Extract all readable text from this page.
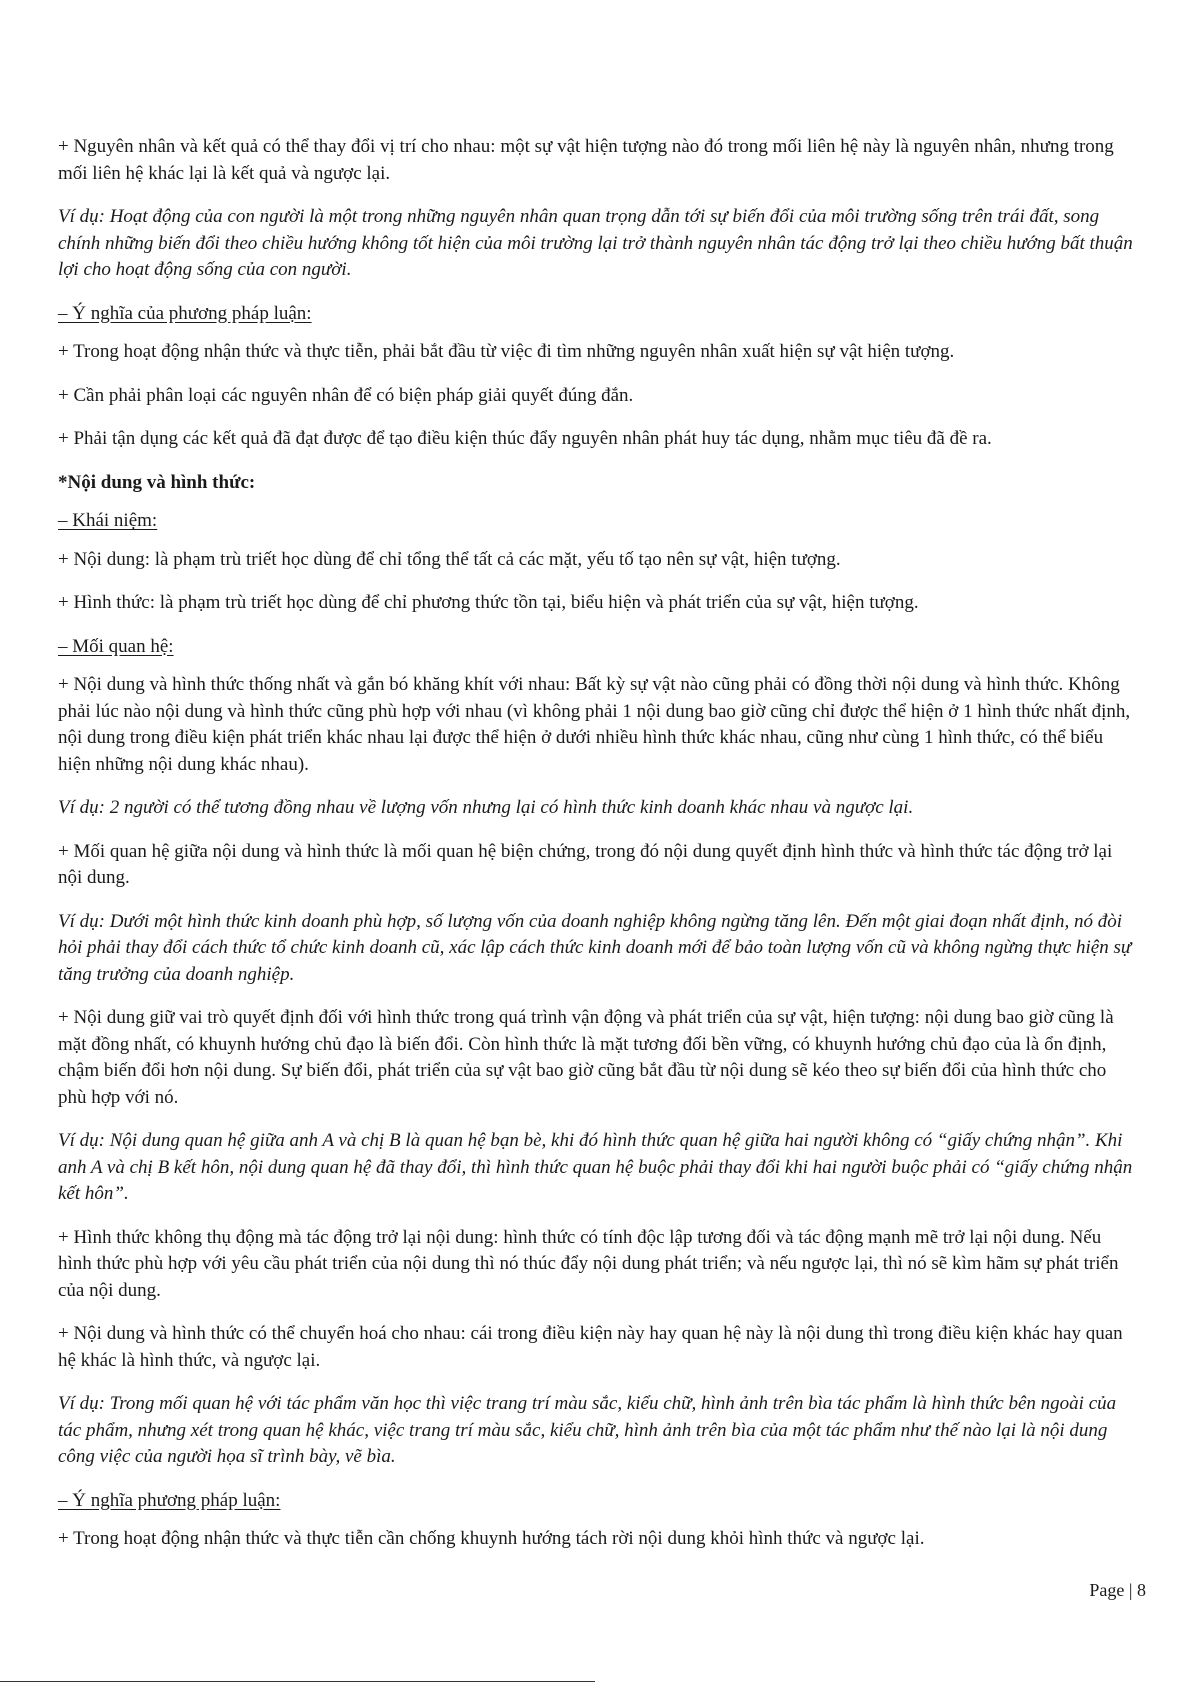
+ Nguyên nhân và kết quả có thể thay đổi vị trí cho nhau: một sự vật hiện tượng nào đó trong mối liên hệ này là nguyên nhân, nhưng trong mối liên hệ khác lại là kết quả và ngược lại.

Ví dụ: Hoạt động của con người là một trong những nguyên nhân quan trọng dẫn tới sự biến đổi của môi trường sống trên trái đất, song chính những biến đổi theo chiều hướng không tốt hiện của môi trường lại trở thành nguyên nhân tác động trở lại theo chiều hướng bất thuận lợi cho hoạt động sống của con người.

– Ý nghĩa của phương pháp luận:

+ Trong hoạt động nhận thức và thực tiễn, phải bắt đầu từ việc đi tìm những nguyên nhân xuất hiện sự vật hiện tượng.

+ Cần phải phân loại các nguyên nhân để có biện pháp giải quyết đúng đắn.

+ Phải tận dụng các kết quả đã đạt được để tạo điều kiện thúc đẩy nguyên nhân phát huy tác dụng, nhằm mục tiêu đã đề ra.

*Nội dung và hình thức:

– Khái niệm:

+ Nội dung: là phạm trù triết học dùng để chỉ tổng thể tất cả các mặt, yếu tố tạo nên sự vật, hiện tượng.

+ Hình thức: là phạm trù triết học dùng để chỉ phương thức tồn tại, biểu hiện và phát triển của sự vật, hiện tượng.

– Mối quan hệ:

+ Nội dung và hình thức thống nhất và gắn bó khăng khít với nhau: Bất kỳ sự vật nào cũng phải có đồng thời nội dung và hình thức. Không phải lúc nào nội dung và hình thức cũng phù hợp với nhau (vì không phải 1 nội dung bao giờ cũng chỉ được thể hiện ở 1 hình thức nhất định, nội dung trong điều kiện phát triển khác nhau lại được thể hiện ở dưới nhiều hình thức khác nhau, cũng như cùng 1 hình thức, có thể biểu hiện những nội dung khác nhau).

Ví dụ: 2 người có thể tương đồng nhau về lượng vốn nhưng lại có hình thức kinh doanh khác nhau và ngược lại.

+ Mối quan hệ giữa nội dung và hình thức là mối quan hệ biện chứng, trong đó nội dung quyết định hình thức và hình thức tác động trở lại nội dung.

Ví dụ: Dưới một hình thức kinh doanh phù hợp, số lượng vốn của doanh nghiệp không ngừng tăng lên. Đến một giai đoạn nhất định, nó đòi hỏi phải thay đổi cách thức tổ chức kinh doanh cũ, xác lập cách thức kinh doanh mới để bảo toàn lượng vốn cũ và không ngừng thực hiện sự tăng trưởng của doanh nghiệp.

+ Nội dung giữ vai trò quyết định đối với hình thức trong quá trình vận động và phát triển của sự vật, hiện tượng: nội dung bao giờ cũng là mặt đồng nhất, có khuynh hướng chủ đạo là biến đổi. Còn hình thức là mặt tương đối bền vững, có khuynh hướng chủ đạo của là ổn định, chậm biến đổi hơn nội dung. Sự biến đổi, phát triển của sự vật bao giờ cũng bắt đầu từ nội dung sẽ kéo theo sự biến đổi của hình thức cho phù hợp với nó.

Ví dụ: Nội dung quan hệ giữa anh A và chị B là quan hệ bạn bè, khi đó hình thức quan hệ giữa hai người không có “giấy chứng nhận”. Khi anh A và chị B kết hôn, nội dung quan hệ đã thay đổi, thì hình thức quan hệ buộc phải thay đổi khi hai người buộc phải có “giấy chứng nhận kết hôn”.

+ Hình thức không thụ động mà tác động trở lại nội dung: hình thức có tính độc lập tương đối và tác động mạnh mẽ trở lại nội dung. Nếu hình thức phù hợp với yêu cầu phát triển của nội dung thì nó thúc đẩy nội dung phát triển; và nếu ngược lại, thì nó sẽ kìm hãm sự phát triển của nội dung.

+ Nội dung và hình thức có thể chuyển hoá cho nhau: cái trong điều kiện này hay quan hệ này là nội dung thì trong điều kiện khác hay quan hệ khác là hình thức, và ngược lại.

Ví dụ: Trong mối quan hệ với tác phẩm văn học thì việc trang trí màu sắc, kiểu chữ, hình ảnh trên bìa tác phẩm là hình thức bên ngoài của tác phẩm, nhưng xét trong quan hệ khác, việc trang trí màu sắc, kiểu chữ, hình ảnh trên bìa của một tác phẩm như thế nào lại là nội dung công việc của người họa sĩ trình bày, vẽ bìa.

– Ý nghĩa phương pháp luận:

+ Trong hoạt động nhận thức và thực tiễn cần chống khuynh hướng tách rời nội dung khỏi hình thức và ngược lại.

Page | 8
